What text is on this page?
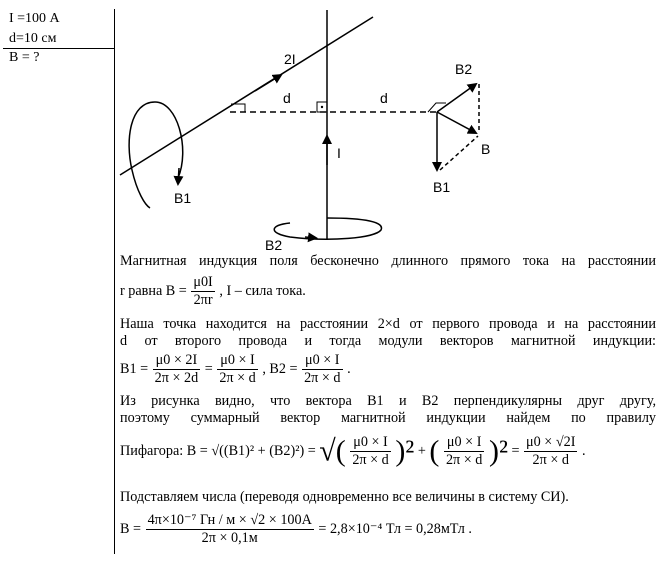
I =100 А
d=10 см
B = ?	2I
I
d	d
B1
B2
B2
B
B1
Магнитная индукция поля бесконечно длинного прямого тока на расстоянии
r равна $B = \frac{\mu 0I}{2\pi r}$ , I – сила тока.
Наша точка находится на расстоянии 2×d от первого провода и на расстоянии
d от второго провода и тогда модули векторов магнитной индукции:
$B1 = \frac{\mu 0 \times 2I}{2\pi \times 2d} = \frac{\mu 0 \times I}{2\pi \times d}$ , $B2 = \frac{\mu 0 \times I}{2\pi \times d}$ .
Из рисунка видно, что вектора B1 и B2 перпендикулярны друг другу,
поэтому суммарный вектор магнитной индукции найдем по правилу
Пифагора: B = √((B1)² + (B2)²) = √( $\frac{\mu 0 \times I}{2\pi \times d} )^2$ + ( $\frac{\mu 0 \times I}{2\pi \times d} )^2 = \frac{\mu 0 \times √2I}{2\pi \times d}$ .
Подставляем числа (переводя одновременно все величины в систему СИ).
$B = \frac{\text{4π×10⁻⁷ Гн / м × √2 × 100А}}{2\pi \times 0,1м} = 2,8\times 10^{-4}$ Тл = 0,28мТл .
